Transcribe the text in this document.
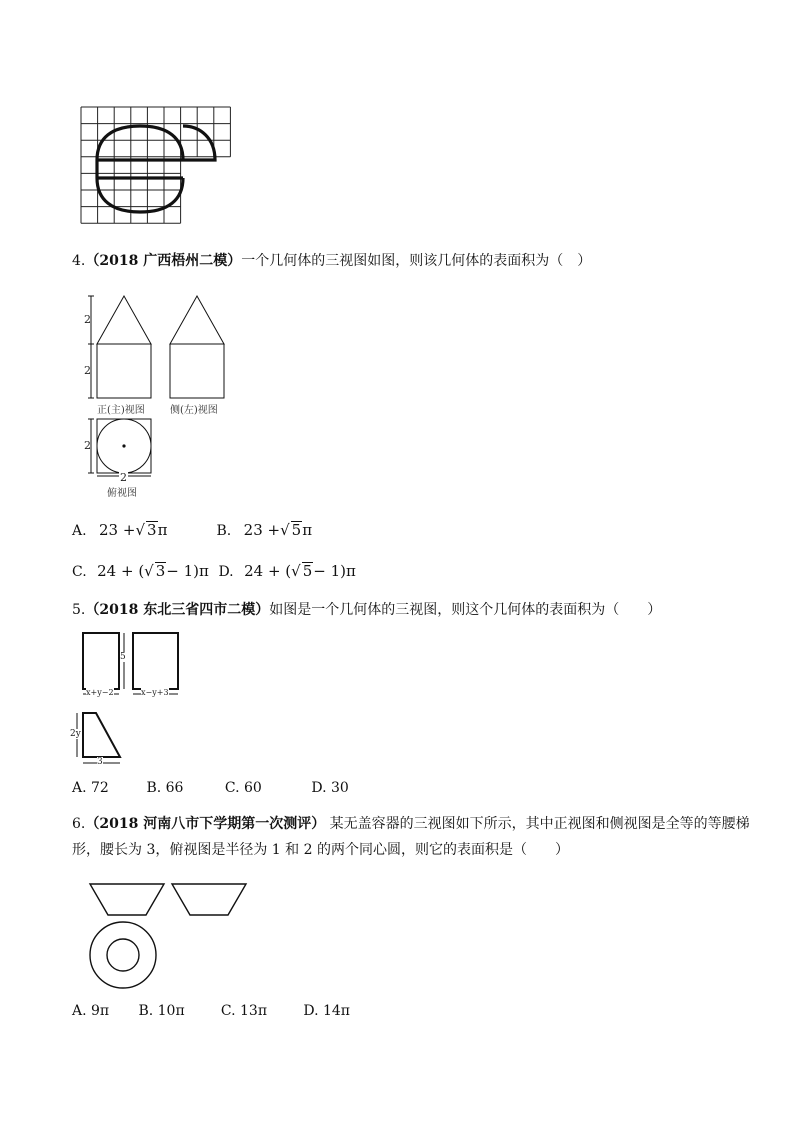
4.（2018 广西梧州二模）一个几何体的三视图如图，则该几何体的表面积为（　）
2
2
2
2
正(主)视图	侧(左)视图
俯视图
A. 23 +√ 3π	B. 23 +√ 5π
C. 24 + (√ 3− 1)π D. 24 + (√ 5− 1)π
5.（2018 东北三省四市二模）如图是一个几何体的三视图，则这个几何体的表面积为（　　）
5
x+y−2	x−y+3
2y
3
A. 72	B. 66	C. 60	D. 30
6.（2018 河南八市下学期第一次测评） 某无盖容器的三视图如下所示，其中正视图和侧视图是全等的等腰梯形，腰长为 3，俯视图是半径为 1 和 2 的两个同心圆，则它的表面积是（　　）
A. 9π B. 10π	C. 13π	D. 14π
